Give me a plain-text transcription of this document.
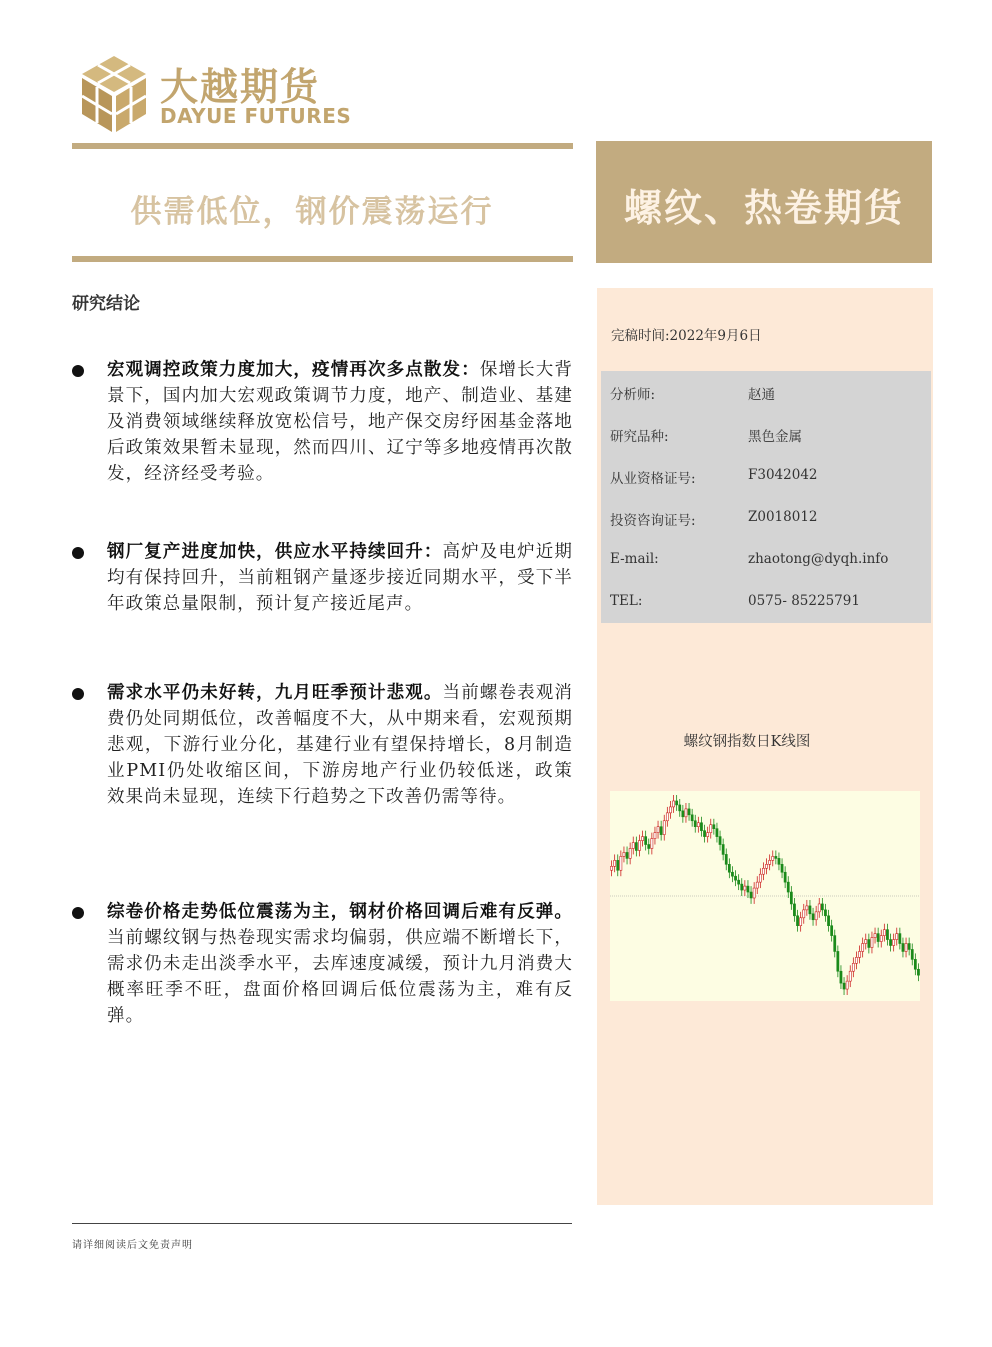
大越期货
DAYUE FUTURES
供需低位，钢价震荡运行	螺纹、热卷期货
研究结论
宏观调控政策力度加大，疫情再次多点散发：保增长大背景下，国内加大宏观政策调节力度，地产、制造业、基建及消费领域继续释放宽松信号，地产保交房纾困基金落地后政策效果暂未显现，然而四川、辽宁等多地疫情再次散发，经济经受考验。
钢厂复产进度加快，供应水平持续回升：高炉及电炉近期均有保持回升，当前粗钢产量逐步接近同期水平，受下半年政策总量限制，预计复产接近尾声。
需求水平仍未好转，九月旺季预计悲观。当前螺卷表观消费仍处同期低位，改善幅度不大，从中期来看，宏观预期悲观，下游行业分化，基建行业有望保持增长，8月制造业PMI仍处收缩区间，下游房地产行业仍较低迷，政策效果尚未显现，连续下行趋势之下改善仍需等待。
综卷价格走势低位震荡为主，钢材价格回调后难有反弹。当前螺纹钢与热卷现实需求均偏弱，供应端不断增长下，需求仍未走出淡季水平，去库速度减缓，预计九月消费大概率旺季不旺，盘面价格回调后低位震荡为主，难有反弹。
完稿时间:2022年9月6日
分析师:	赵通
研究品种:	黑色金属
从业资格证号:	F3042042
投资咨询证号:	Z0018012
E-mail:	zhaotong@dyqh.info
TEL:	0575- 85225791
螺纹钢指数日K线图
请详细阅读后文免责声明
